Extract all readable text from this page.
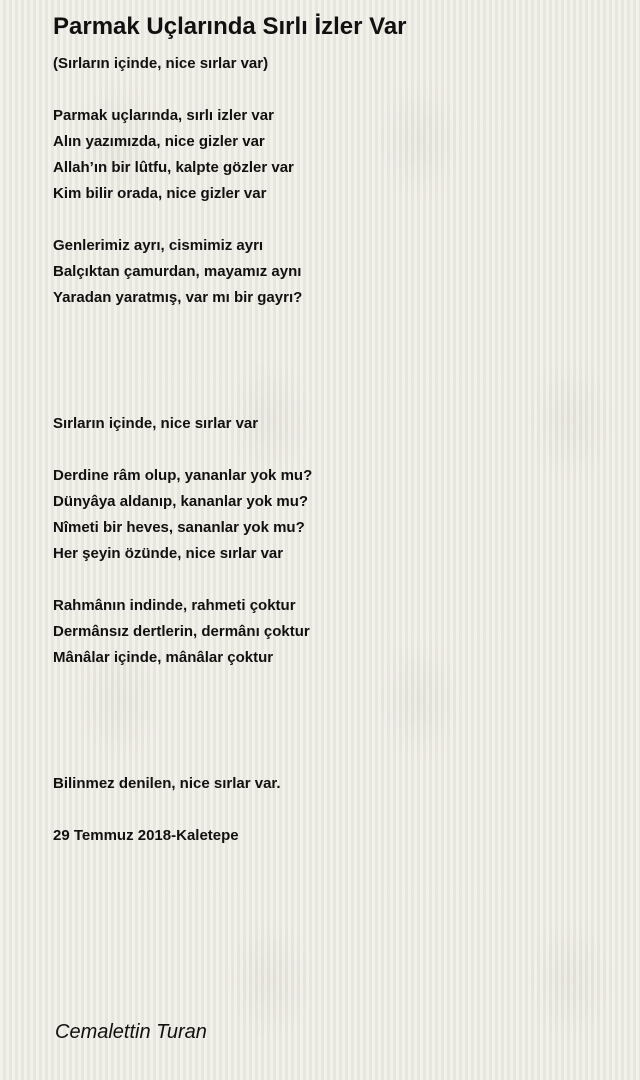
Parmak Uçlarında Sırlı İzler Var
(Sırların içinde, nice sırlar var)
Parmak uçlarında, sırlı izler var
Alın yazımızda, nice gizler var
Allah’ın bir lûtfu, kalpte gözler var
Kim bilir orada, nice gizler var
Genlerimiz ayrı, cismimiz ayrı
Balçıktan çamurdan, mayamız aynı
Yaradan yaratmış, var mı bir gayrı?
Sırların içinde, nice sırlar var
Derdine râm olup, yananlar yok mu?
Dünyâya aldanıp, kananlar yok mu?
Nîmeti bir heves, sananlar yok mu?
Her şeyin özünde, nice sırlar var
Rahmânın indinde, rahmeti çoktur
Dermânsız dertlerin, dermânı çoktur
Mânâlar içinde, mânâlar çoktur
Bilinmez denilen, nice sırlar var.
29 Temmuz 2018-Kaletepe
Cemalettin Turan
